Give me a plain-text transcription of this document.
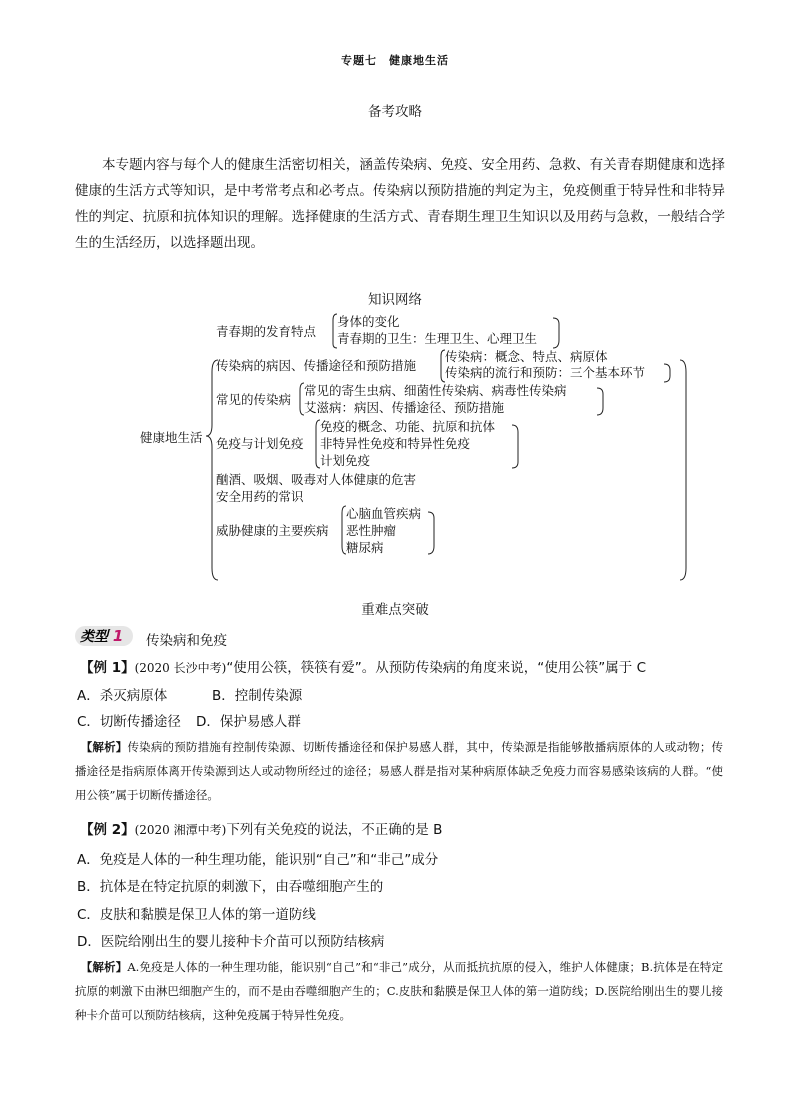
专题七　健康地生活
备考攻略
本专题内容与每个人的健康生活密切相关，涵盖传染病、免疫、安全用药、急救、有关青春期健康和选择健康的生活方式等知识，是中考常考点和必考点。传染病以预防措施的判定为主，免疫侧重于特异性和非特异性的判定、抗原和抗体知识的理解。选择健康的生活方式、青春期生理卫生知识以及用药与急救，一般结合学生的生活经历，以选择题出现。
知识网络
健康地生活
青春期的发育特点
身体的变化
青春期的卫生：生理卫生、心理卫生
传染病的病因、传播途径和预防措施
传染病：概念、特点、病原体
传染病的流行和预防：三个基本环节
常见的传染病
常见的寄生虫病、细菌性传染病、病毒性传染病
艾滋病：病因、传播途径、预防措施
免疫与计划免疫
免疫的概念、功能、抗原和抗体
非特异性免疫和特异性免疫
计划免疫
酗酒、吸烟、吸毒对人体健康的危害
安全用药的常识
威胁健康的主要疾病
心脑血管疾病
恶性肿瘤
糖尿病
重难点突破
类型 1 传染病和免疫
【例 1】(2020 长沙中考)“使用公筷，筷筷有爱”。从预防传染病的角度来说，“使用公筷”属于 C
A．杀灭病原体	B．控制传染源
C．切断传播途径 D．保护易感人群
【解析】传染病的预防措施有控制传染源、切断传播途径和保护易感人群，其中，传染源是指能够散播病原体的人或动物；传播途径是指病原体离开传染源到达人或动物所经过的途径；易感人群是指对某种病原体缺乏免疫力而容易感染该病的人群。“使用公筷”属于切断传播途径。
【例 2】(2020 湘潭中考)下列有关免疫的说法，不正确的是 B
A．免疫是人体的一种生理功能，能识别“自己”和“非己”成分
B．抗体是在特定抗原的刺激下，由吞噬细胞产生的
C．皮肤和黏膜是保卫人体的第一道防线
D．医院给刚出生的婴儿接种卡介苗可以预防结核病
【解析】A.免疫是人体的一种生理功能，能识别“自己”和“非己”成分，从而抵抗抗原的侵入，维护人体健康；B.抗体是在特定抗原的刺激下由淋巴细胞产生的，而不是由吞噬细胞产生的；C.皮肤和黏膜是保卫人体的第一道防线；D.医院给刚出生的婴儿接种卡介苗可以预防结核病，这种免疫属于特异性免疫。
